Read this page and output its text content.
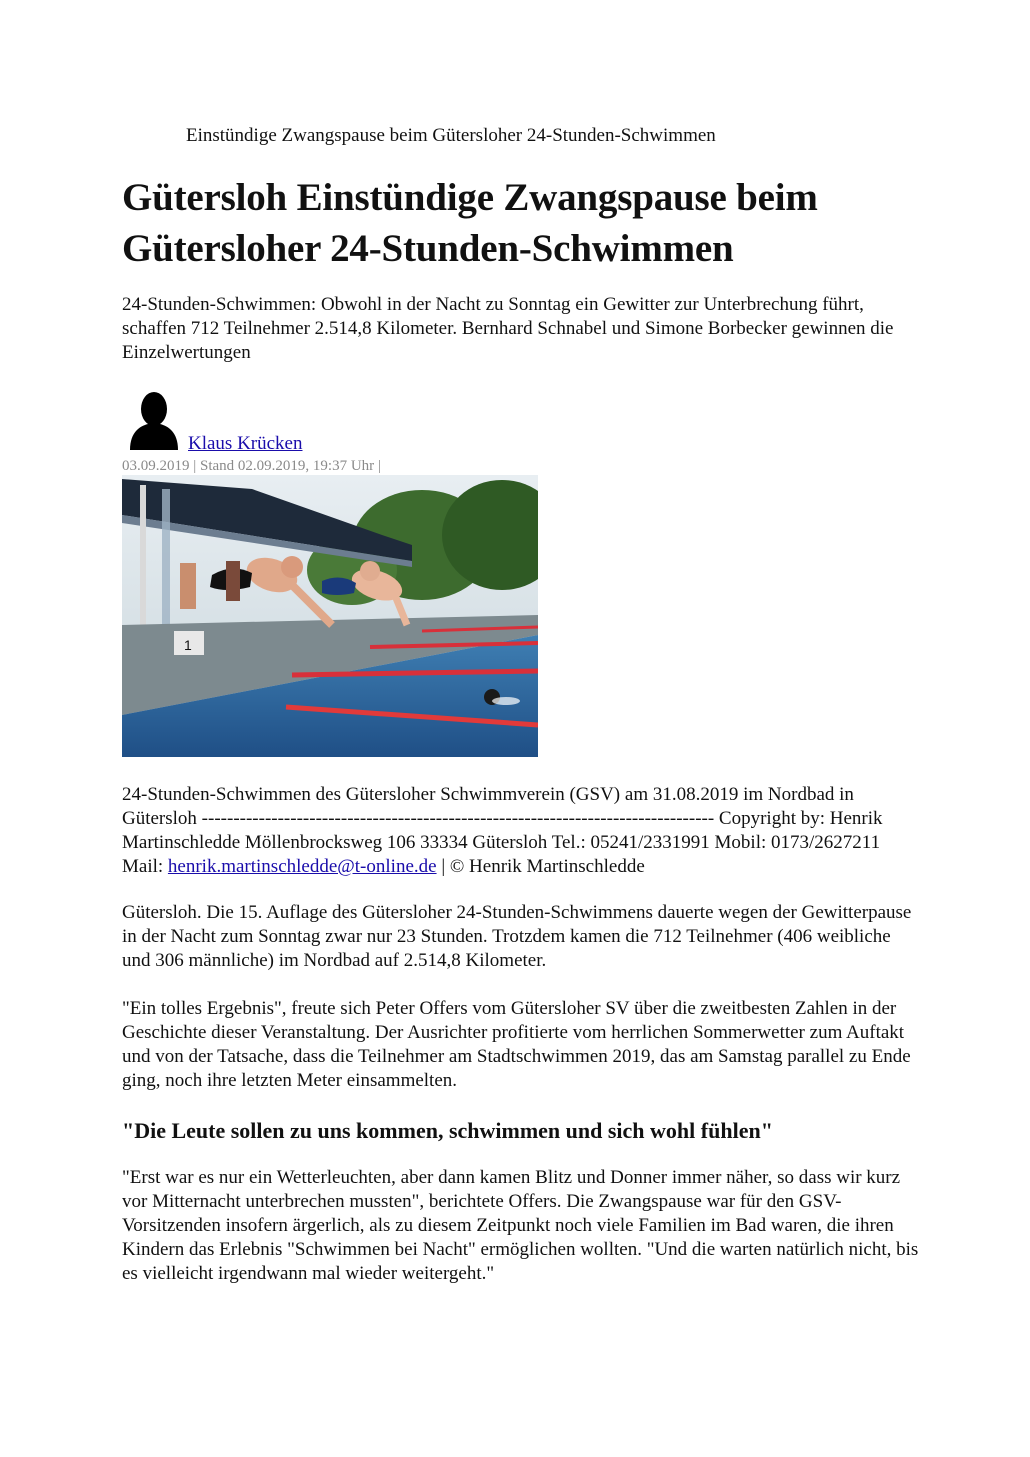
Einstündige Zwangspause beim Gütersloher 24-Stunden-Schwimmen
Gütersloh Einstündige Zwangspause beim Gütersloher 24-Stunden-Schwimmen

24-Stunden-Schwimmen: Obwohl in der Nacht zu Sonntag ein Gewitter zur Unterbrechung führt, schaffen 712 Teilnehmer 2.514,8 Kilometer. Bernhard Schnabel und Simone Borbecker gewinnen die Einzelwertungen

Klaus Krücken
03.09.2019 | Stand 02.09.2019, 19:37 Uhr |
1

24-Stunden-Schwimmen des Gütersloher Schwimmverein (GSV) am 31.08.2019 im Nordbad in Gütersloh --------------------------------------------------------------------------------- Copyright by: Henrik Martinschledde Möllenbrocksweg 106 33334 Gütersloh Tel.: 05241/2331991 Mobil: 0173/2627211 Mail: henrik.martinschledde@t-online.de | © Henrik Martinschledde

Gütersloh. Die 15. Auflage des Gütersloher 24-Stunden-Schwimmens dauerte wegen der Gewitterpause in der Nacht zum Sonntag zwar nur 23 Stunden. Trotzdem kamen die 712 Teilnehmer (406 weibliche und 306 männliche) im Nordbad auf 2.514,8 Kilometer.

"Ein tolles Ergebnis", freute sich Peter Offers vom Gütersloher SV über die zweitbesten Zahlen in der Geschichte dieser Veranstaltung. Der Ausrichter profitierte vom herrlichen Sommerwetter zum Auftakt und von der Tatsache, dass die Teilnehmer am Stadtschwimmen 2019, das am Samstag parallel zu Ende ging, noch ihre letzten Meter einsammelten.

"Die Leute sollen zu uns kommen, schwimmen und sich wohl fühlen"

"Erst war es nur ein Wetterleuchten, aber dann kamen Blitz und Donner immer näher, so dass wir kurz vor Mitternacht unterbrechen mussten", berichtete Offers. Die Zwangspause war für den GSV-Vorsitzenden insofern ärgerlich, als zu diesem Zeitpunkt noch viele Familien im Bad waren, die ihren Kindern das Erlebnis "Schwimmen bei Nacht" ermöglichen wollten. "Und die warten natürlich nicht, bis es vielleicht irgendwann mal wieder weitergeht."
